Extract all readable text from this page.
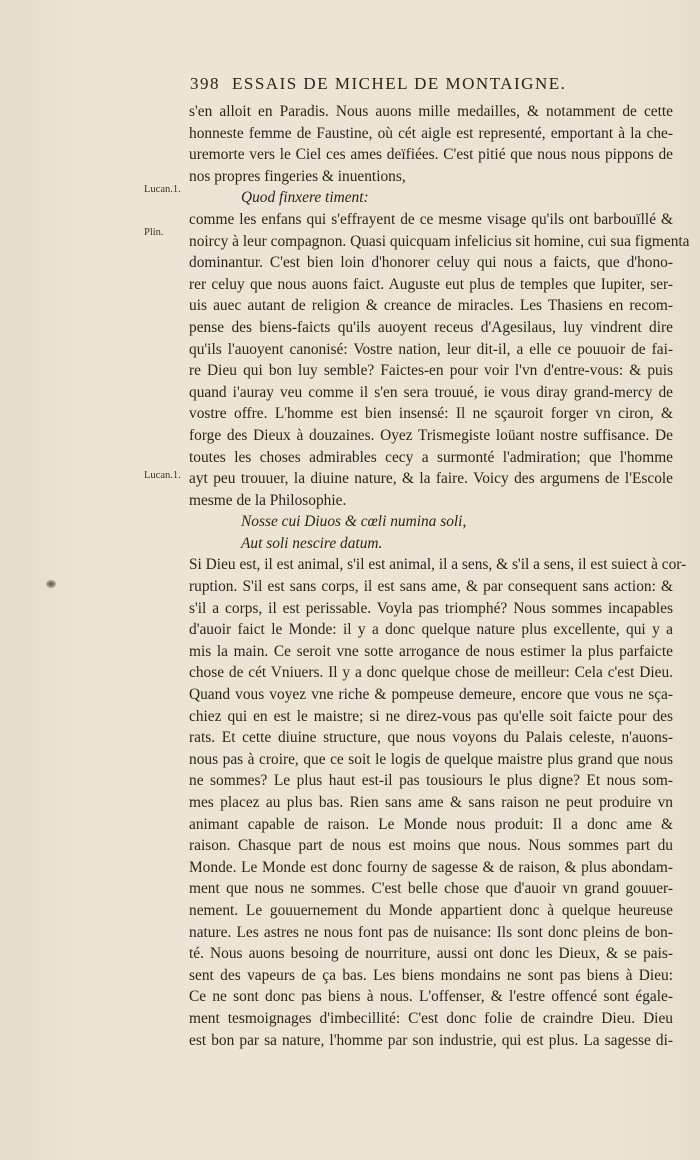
398 ESSAIS DE MICHEL DE MONTAIGNE.
Lucan.1.
Plin.
Lucan.1.
s'en alloit en Paradis. Nous auons mille medailles, & notamment de cette
honneste femme de Faustine, où cét aigle est representé, emportant à la che-
uremorte vers le Ciel ces ames deïfiées. C'est pitié que nous nous pippons de
nos propres fingeries & inuentions,
Quod finxere timent:
comme les enfans qui s'effrayent de ce mesme visage qu'ils ont barbouïllé &
noircy à leur compagnon. Quasi quicquam infelicius sit homine, cui sua figmenta
dominantur. C'est bien loin d'honorer celuy qui nous a faicts, que d'hono-
rer celuy que nous auons faict. Auguste eut plus de temples que Iupiter, ser-
uis auec autant de religion & creance de miracles. Les Thasiens en recom-
pense des biens-faicts qu'ils auoyent receus d'Agesilaus, luy vindrent dire
qu'ils l'auoyent canonisé: Vostre nation, leur dit-il, a elle ce pouuoir de fai-
re Dieu qui bon luy semble? Faictes-en pour voir l'vn d'entre-vous: & puis
quand i'auray veu comme il s'en sera trouué, ie vous diray grand-mercy de
vostre offre. L'homme est bien insensé: Il ne sçauroit forger vn ciron, &
forge des Dieux à douzaines. Oyez Trismegiste loüant nostre suffisance. De
toutes les choses admirables cecy a surmonté l'admiration; que l'homme
ayt peu trouuer, la diuine nature, & la faire. Voicy des argumens de l'Escole
mesme de la Philosophie.
Nosse cui Diuos & cœli numina soli,
Aut soli nescire datum.
Si Dieu est, il est animal, s'il est animal, il a sens, & s'il a sens, il est suiect à cor-
ruption. S'il est sans corps, il est sans ame, & par consequent sans action: &
s'il a corps, il est perissable. Voyla pas triomphé? Nous sommes incapables
d'auoir faict le Monde: il y a donc quelque nature plus excellente, qui y a
mis la main. Ce seroit vne sotte arrogance de nous estimer la plus parfaicte
chose de cét Vniuers. Il y a donc quelque chose de meilleur: Cela c'est Dieu.
Quand vous voyez vne riche & pompeuse demeure, encore que vous ne sça-
chiez qui en est le maistre; si ne direz-vous pas qu'elle soit faicte pour des
rats. Et cette diuine structure, que nous voyons du Palais celeste, n'auons-
nous pas à croire, que ce soit le logis de quelque maistre plus grand que nous
ne sommes? Le plus haut est-il pas tousiours le plus digne? Et nous som-
mes placez au plus bas. Rien sans ame & sans raison ne peut produire vn
animant capable de raison. Le Monde nous produit: Il a donc ame &
raison. Chasque part de nous est moins que nous. Nous sommes part du
Monde. Le Monde est donc fourny de sagesse & de raison, & plus abondam-
ment que nous ne sommes. C'est belle chose que d'auoir vn grand gouuer-
nement. Le gouuernement du Monde appartient donc à quelque heureuse
nature. Les astres ne nous font pas de nuisance: Ils sont donc pleins de bon-
té. Nous auons besoing de nourriture, aussi ont donc les Dieux, & se pais-
sent des vapeurs de ça bas. Les biens mondains ne sont pas biens à Dieu:
Ce ne sont donc pas biens à nous. L'offenser, & l'estre offencé sont égale-
ment tesmoignages d'imbecillité: C'est donc folie de craindre Dieu. Dieu
est bon par sa nature, l'homme par son industrie, qui est plus. La sagesse di-
